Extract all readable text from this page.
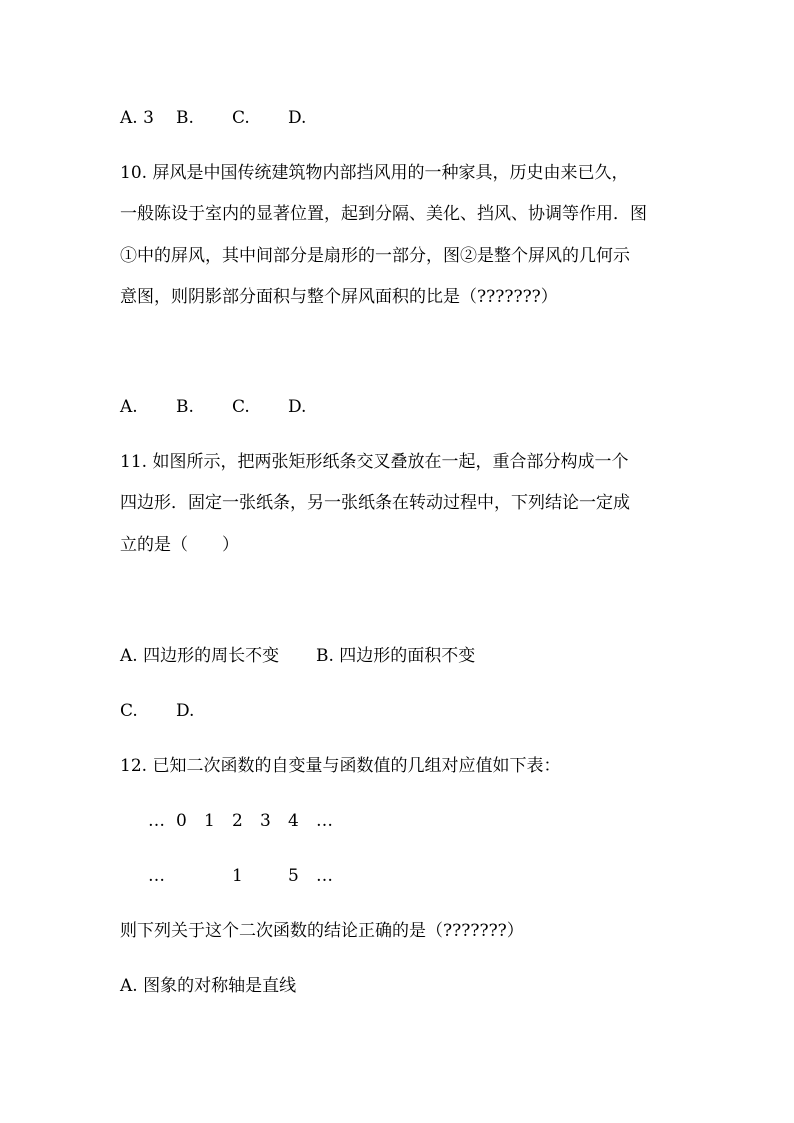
A. 3 B. C. D.
10. 屏风是中国传统建筑物内部挡风用的一种家具，历史由来已久，
一般陈设于室内的显著位置，起到分隔、美化、挡风、协调等作用．图
①中的屏风，其中间部分是扇形的一部分，图②是整个屏风的几何示
意图，则阴影部分面积与整个屏风面积的比是（???????）
A. B. C. D.
11. 如图所示，把两张矩形纸条交叉叠放在一起，重合部分构成一个
四边形．固定一张纸条，另一张纸条在转动过程中，下列结论一定成
立的是（　　）
A. 四边形的周长不变 B. 四边形的面积不变
C. D.
12. 已知二次函数的自变量与函数值的几组对应值如下表：
… 0 1 2 3 4 …
…	1	5 …
则下列关于这个二次函数的结论正确的是（???????）
A. 图象的对称轴是直线
